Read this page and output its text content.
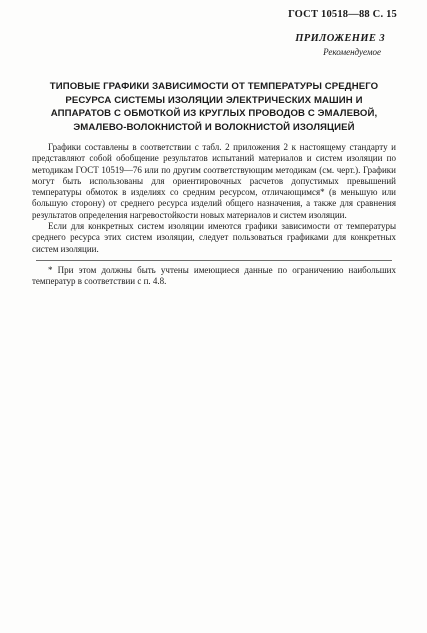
ГОСТ 10518—88 С. 15
ПРИЛОЖЕНИЕ 3
Рекомендуемое
ТИПОВЫЕ ГРАФИКИ ЗАВИСИМОСТИ ОТ ТЕМПЕРАТУРЫ СРЕДНЕГО
РЕСУРСА СИСТЕМЫ ИЗОЛЯЦИИ ЭЛЕКТРИЧЕСКИХ МАШИН И
АППАРАТОВ С ОБМОТКОЙ ИЗ КРУГЛЫХ ПРОВОДОВ С ЭМАЛЕВОЙ,
ЭМАЛЕВО-ВОЛОКНИСТОЙ И ВОЛОКНИСТОЙ ИЗОЛЯЦИЕЙ

Графики составлены в соответствии с табл. 2 приложения 2 к настоящему стандарту и представляют собой обобщение результатов испытаний материалов и систем изоляции по методикам ГОСТ 10519—76 или по другим соответствующим методикам (см. черт.). Графики могут быть использованы для ориентировочных расчетов допустимых превышений температуры обмоток в изделиях со средним ресурсом, отличающимся* (в меньшую или большую сторону) от среднего ресурса изделий общего назначения, а также для сравнения результатов определения нагревостойкости новых материалов и систем изоляции.

Если для конкретных систем изоляции имеются графики зависимости от температуры среднего ресурса этих систем изоляции, следует пользоваться графиками для конкретных систем изоляции.

* При этом должны быть учтены имеющиеся данные по ограничению наибольших температур в соответствии с п. 4.8.
